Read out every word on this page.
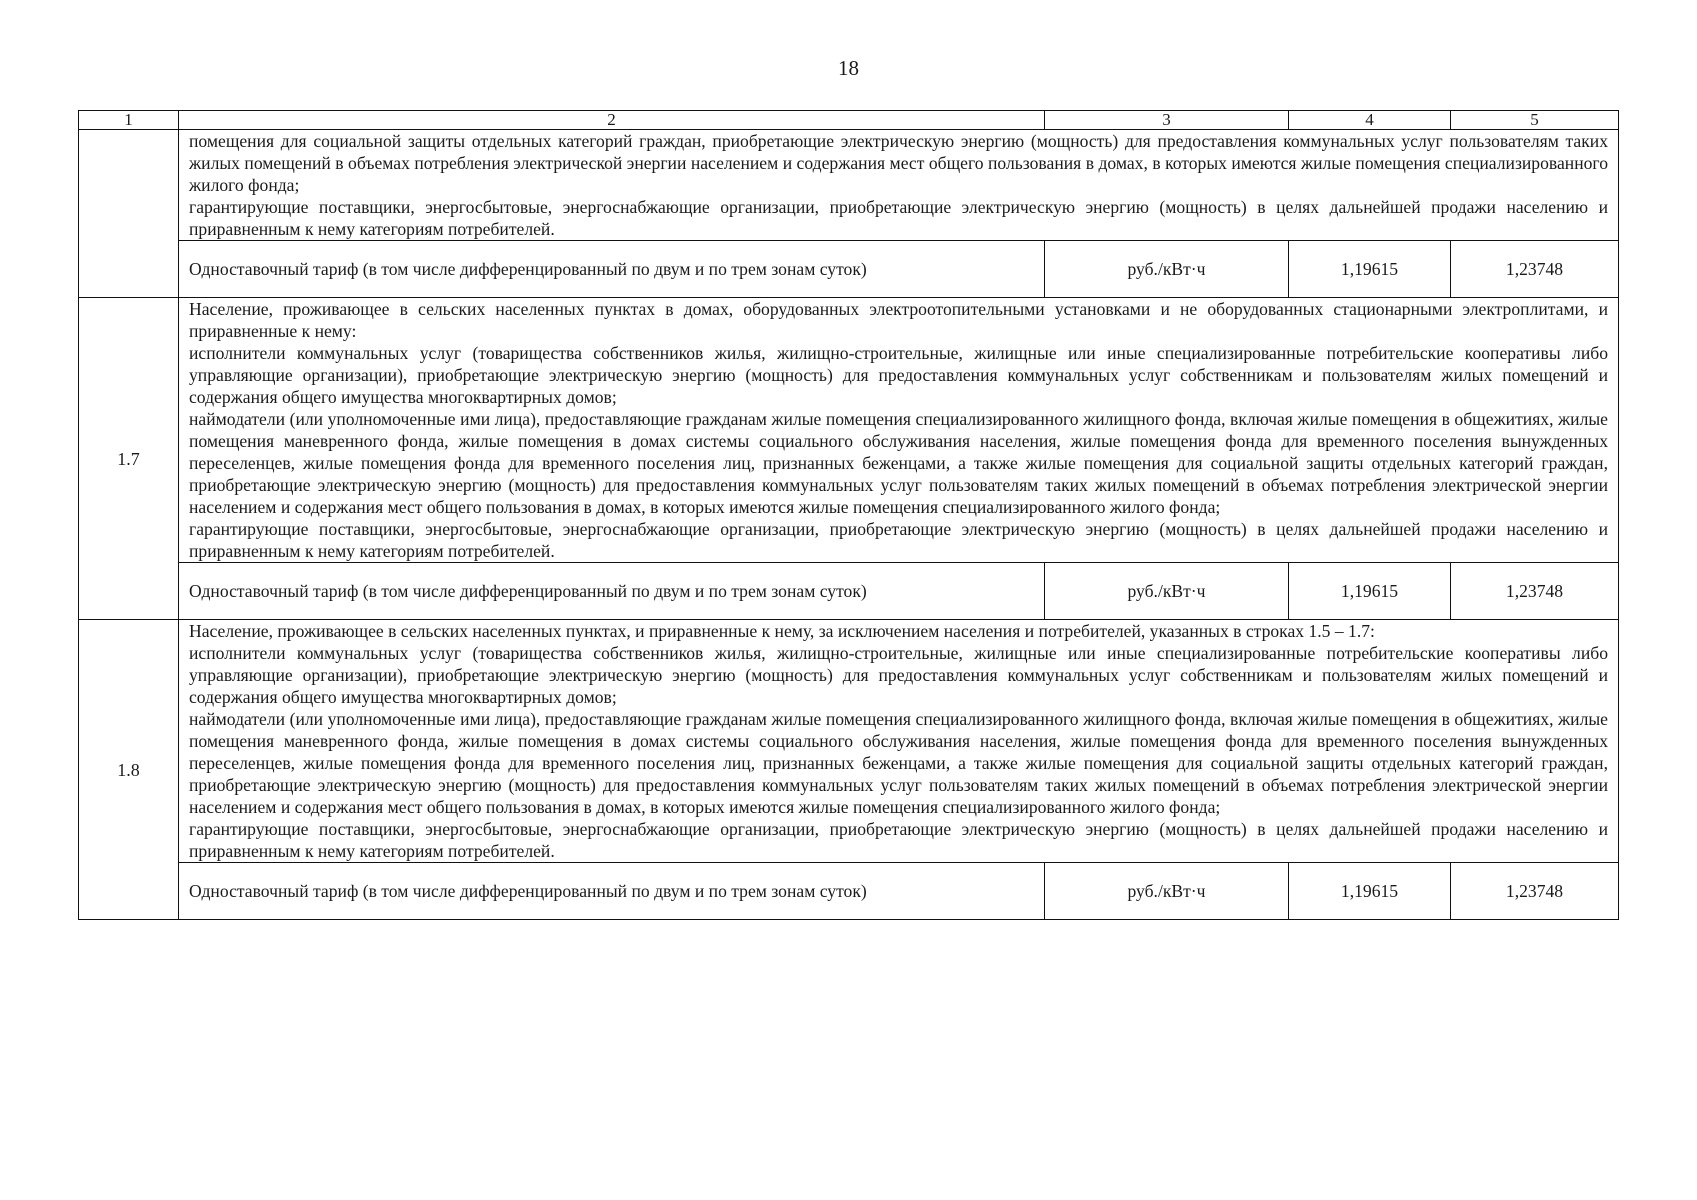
18
1	2	3	4	5

	помещения для социальной защиты отдельных категорий граждан, приобретающие электрическую энергию (мощность) для предоставления коммунальных услуг пользователям таких жилых помещений в объемах потребления электрической энергии населением и содержания мест общего пользования в домах, в которых имеются жилые помещения специализированного жилого фонда;

гарантирующие поставщики, энергосбытовые, энергоснабжающие организации, приобретающие электрическую энергию (мощность) в целях дальнейшей продажи населению и приравненным к нему категориям потребителей.			

	Одноставочный тариф (в том числе дифференцированный по двум и по трем зонам суток)	руб./кВт·ч	1,19615	1,23748
1.7	Население, проживающее в сельских населенных пунктах в домах, оборудованных электроотопительными установками и не оборудованных стационарными электроплитами, и приравненные к нему:

исполнители коммунальных услуг (товарищества собственников жилья, жилищно-строительные, жилищные или иные специализированные потребительские кооперативы либо управляющие организации), приобретающие электрическую энергию (мощность) для предоставления коммунальных услуг собственникам и пользователям жилых помещений и содержания общего имущества многоквартирных домов;

наймодатели (или уполномоченные ими лица), предоставляющие гражданам жилые помещения специализированного жилищного фонда, включая жилые помещения в общежитиях, жилые помещения маневренного фонда, жилые помещения в домах системы социального обслуживания населения, жилые помещения фонда для временного поселения вынужденных переселенцев, жилые помещения фонда для временного поселения лиц, признанных беженцами, а также жилые помещения для социальной защиты отдельных категорий граждан, приобретающие электрическую энергию (мощность) для предоставления коммунальных услуг пользователям таких жилых помещений в объемах потребления электрической энергии населением и содержания мест общего пользования в домах, в которых имеются жилые помещения специализированного жилого фонда;

гарантирующие поставщики, энергосбытовые, энергоснабжающие организации, приобретающие электрическую энергию (мощность) в целях дальнейшей продажи населению и приравненным к нему категориям потребителей.			

	Одноставочный тариф (в том числе дифференцированный по двум и по трем зонам суток)	руб./кВт·ч	1,19615	1,23748
1.8	Население, проживающее в сельских населенных пунктах, и приравненные к нему, за исключением населения и потребителей, указанных в строках 1.5 – 1.7:

исполнители коммунальных услуг (товарищества собственников жилья, жилищно-строительные, жилищные или иные специализированные потребительские кооперативы либо управляющие организации), приобретающие электрическую энергию (мощность) для предоставления коммунальных услуг собственникам и пользователям жилых помещений и содержания общего имущества многоквартирных домов;

наймодатели (или уполномоченные ими лица), предоставляющие гражданам жилые помещения специализированного жилищного фонда, включая жилые помещения в общежитиях, жилые помещения маневренного фонда, жилые помещения в домах системы социального обслуживания населения, жилые помещения фонда для временного поселения вынужденных переселенцев, жилые помещения фонда для временного поселения лиц, признанных беженцами, а также жилые помещения для социальной защиты отдельных категорий граждан, приобретающие электрическую энергию (мощность) для предоставления коммунальных услуг пользователям таких жилых помещений в объемах потребления электрической энергии населением и содержания мест общего пользования в домах, в которых имеются жилые помещения специализированного жилого фонда;

гарантирующие поставщики, энергосбытовые, энергоснабжающие организации, приобретающие электрическую энергию (мощность) в целях дальнейшей продажи населению и приравненным к нему категориям потребителей.			

	Одноставочный тариф (в том числе дифференцированный по двум и по трем зонам суток)	руб./кВт·ч	1,19615	1,23748
